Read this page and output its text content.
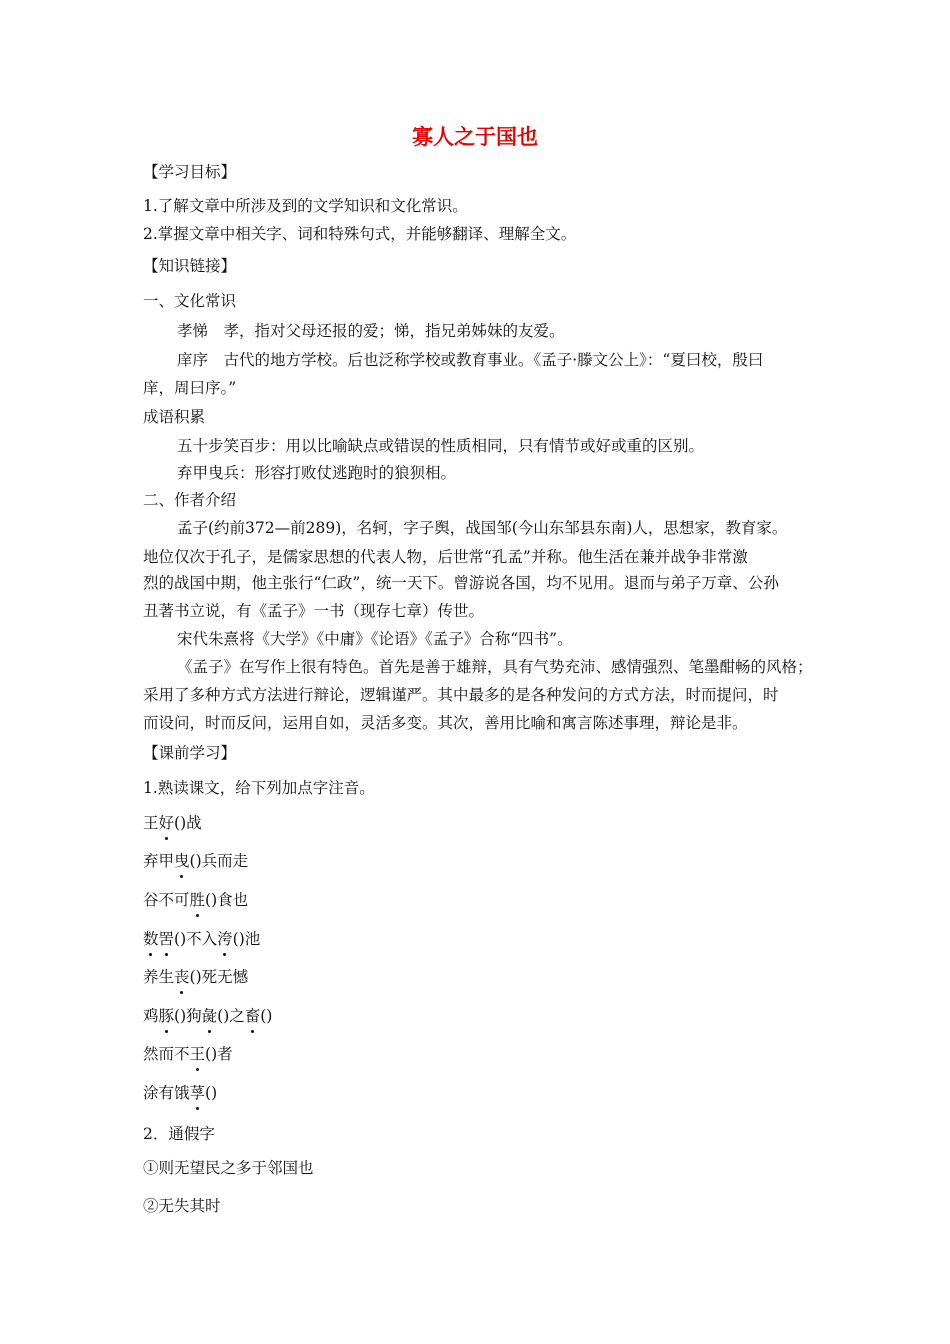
寡人之于国也
【学习目标】
1.了解文章中所涉及到的文学知识和文化常识。
2.掌握文章中相关字、词和特殊句式，并能够翻译、理解全文。
【知识链接】
一、文化常识
孝悌　孝，指对父母还报的爱；悌，指兄弟姊妹的友爱。
庠序　古代的地方学校。后也泛称学校或教育事业。《孟子·滕文公上》：“夏曰校，殷曰
庠，周曰序。”
成语积累
五十步笑百步：用以比喻缺点或错误的性质相同，只有情节或好或重的区别。
弃甲曳兵：形容打败仗逃跑时的狼狈相。
二、作者介绍
孟子(约前372—前289)，名轲，字子舆，战国邹(今山东邹县东南)人，思想家，教育家。
地位仅次于孔子，是儒家思想的代表人物，后世常“孔孟”并称。他生活在兼并战争非常激
烈的战国中期，他主张行“仁政”，统一天下。曾游说各国，均不见用。退而与弟子万章、公孙
丑著书立说，有《孟子》一书（现存七章）传世。
宋代朱熹将《大学》《中庸》《论语》《孟子》合称“四书”。
《孟子》在写作上很有特色。首先是善于雄辩，具有气势充沛、感情强烈、笔墨酣畅的风格；
采用了多种方式方法进行辩论，逻辑谨严。其中最多的是各种发问的方式方法，时而提问，时
而设问，时而反问，运用自如，灵活多变。其次，善用比喻和寓言陈述事理，辩论是非。
【课前学习】
1.熟读课文，给下列加点字注音。
王好()战
弃甲曳()兵而走
谷不可胜()食也
数罟()不入洿()池
养生丧()死无憾
鸡豚()狗彘()之畜()
然而不王()者
涂有饿莩()
2．通假字
①则无望民之多于邻国也
②无失其时
